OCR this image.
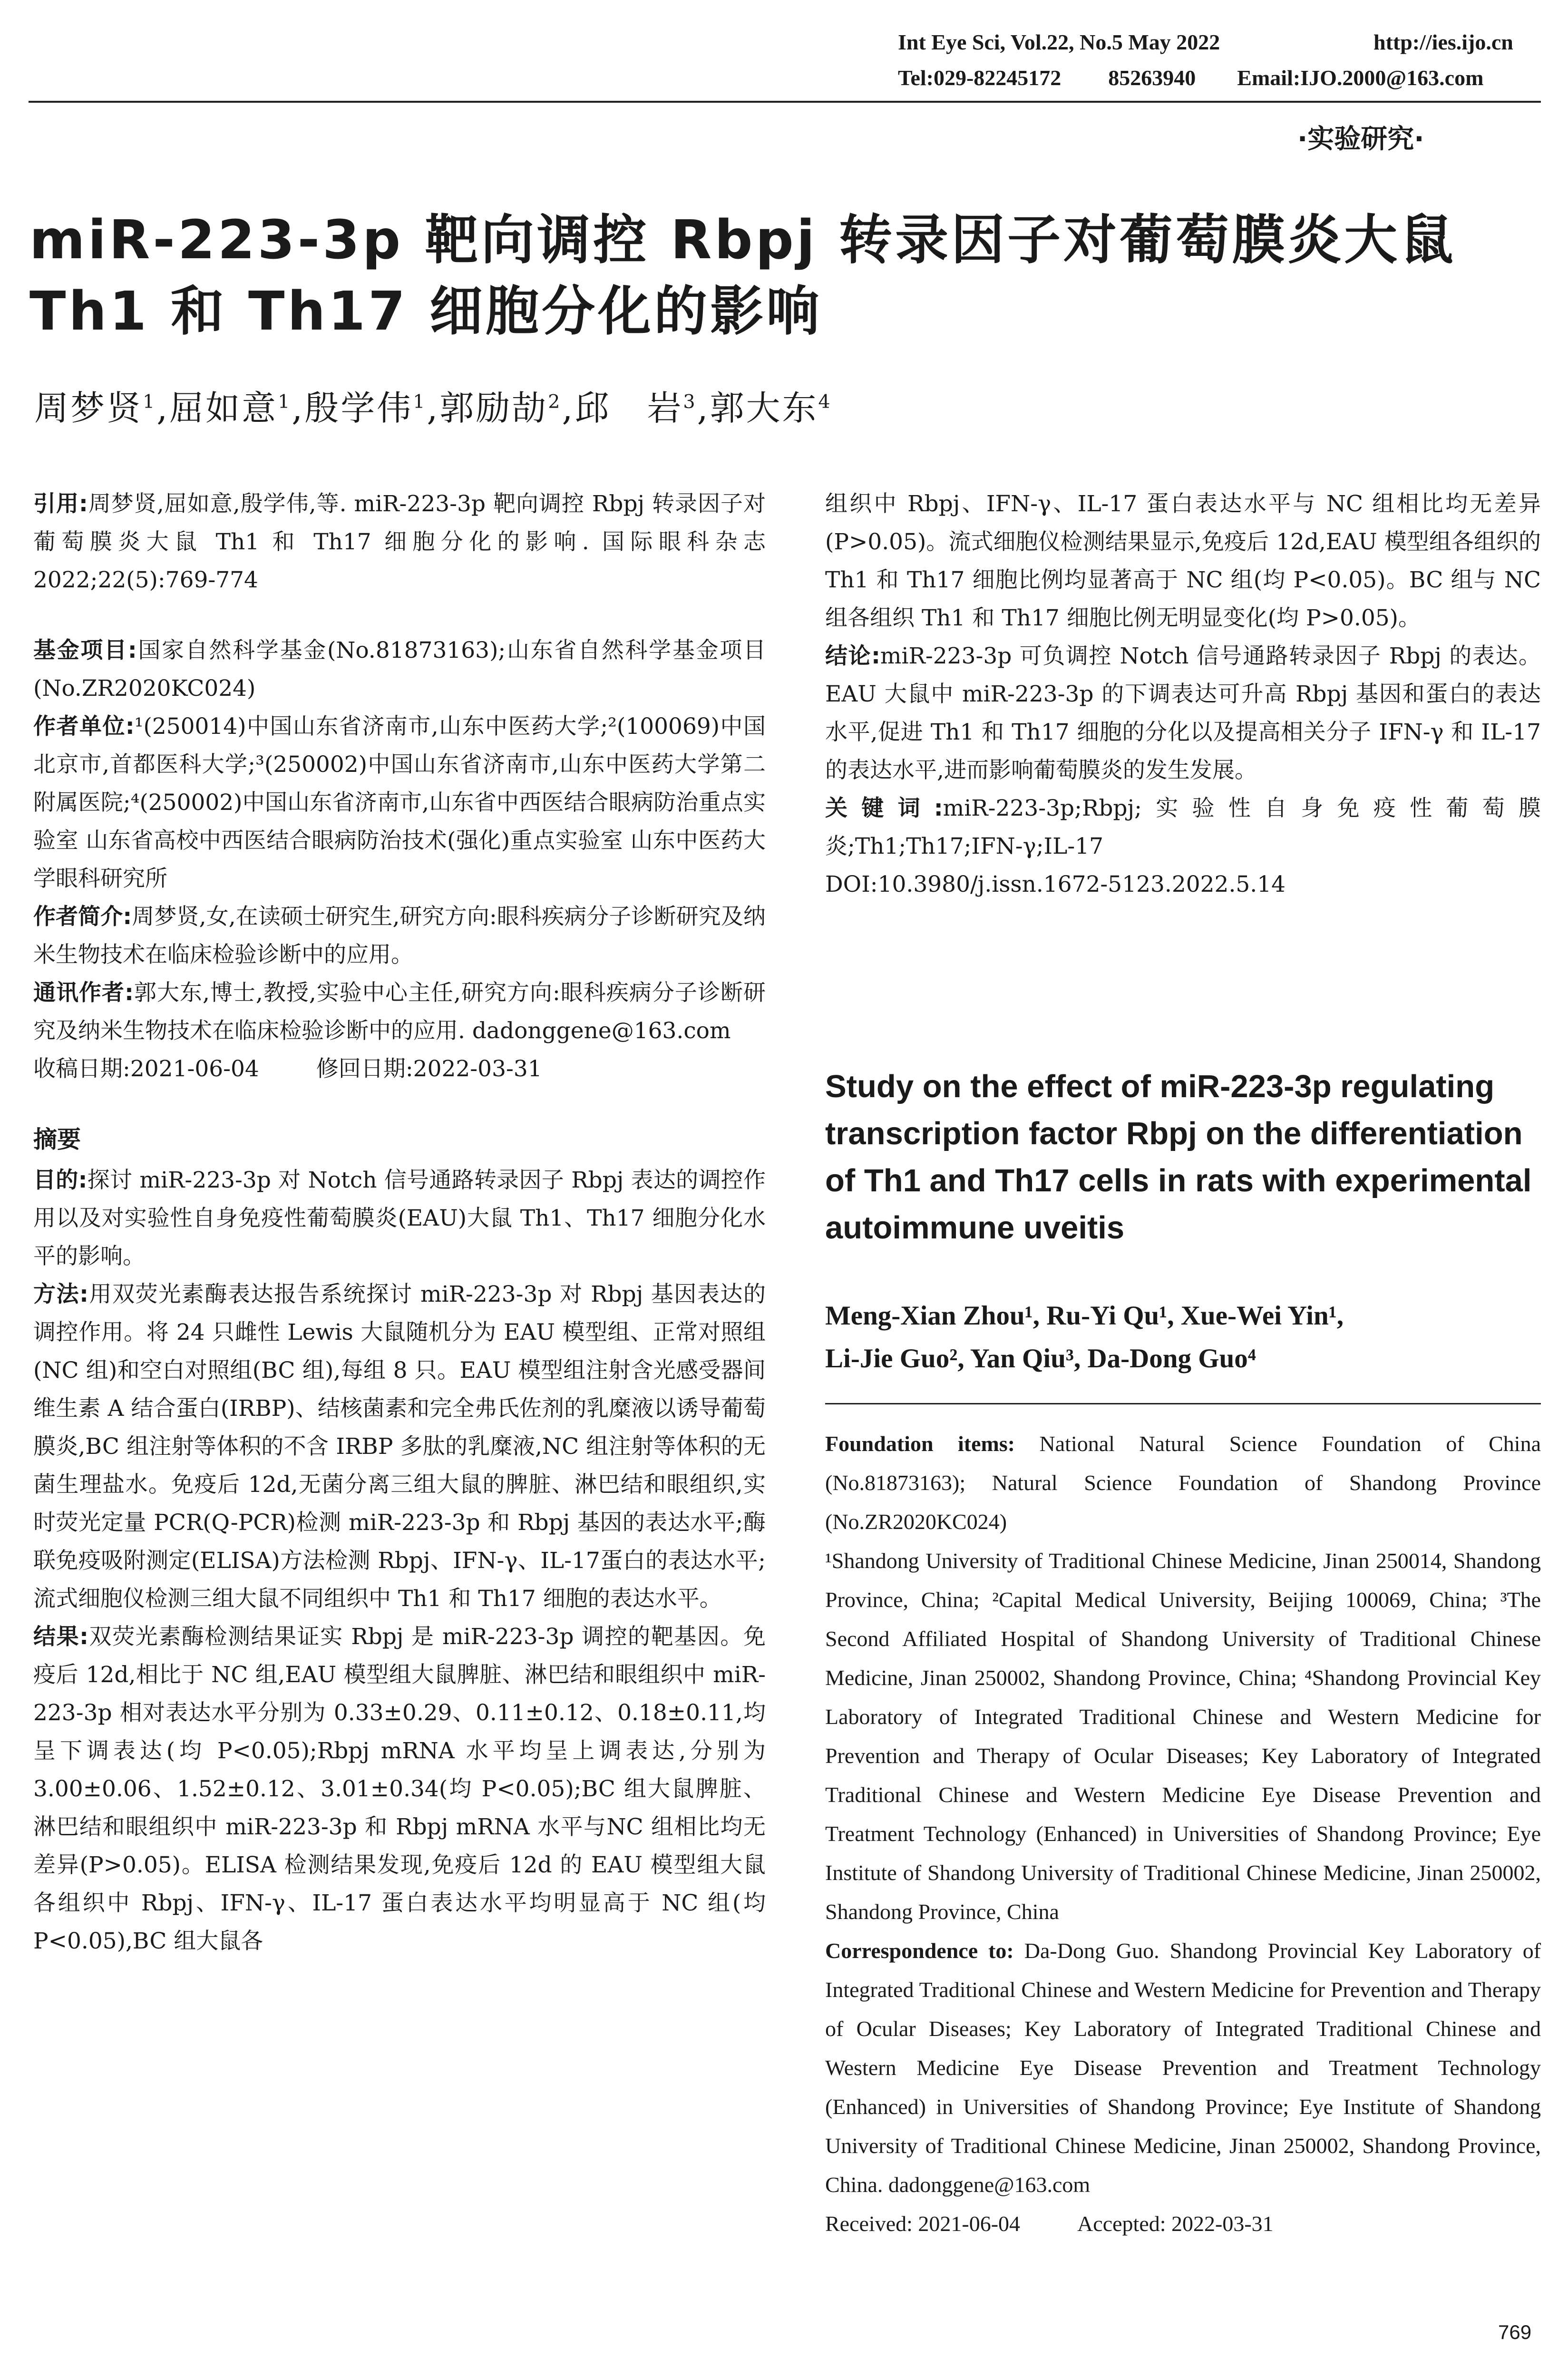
Int Eye Sci, Vol.22, No.5 May 2022	http://ies.ijo.cn
Tel:029-82245172 85263940 Email:IJO.2000@163.com
·实验研究·
miR-223-3p 靶向调控 Rbpj 转录因子对葡萄膜炎大鼠
Th1 和 Th17 细胞分化的影响
周梦贤$^1$,屈如意$^1$,殷学伟$^1$,郭励劼$^2$,邱　岩$^3$,郭大东$^4$

引用:周梦贤,屈如意,殷学伟,等. miR-223-3p 靶向调控 Rbpj 转录因子对葡萄膜炎大鼠 Th1 和 Th17 细胞分化的影响. 国际眼科杂志 2022;22(5):769-774

基金项目:国家自然科学基金(No.81873163);山东省自然科学基金项目(No.ZR2020KC024)

作者单位:¹(250014)中国山东省济南市,山东中医药大学;²(100069)中国北京市,首都医科大学;³(250002)中国山东省济南市,山东中医药大学第二附属医院;⁴(250002)中国山东省济南市,山东省中西医结合眼病防治重点实验室 山东省高校中西医结合眼病防治技术(强化)重点实验室 山东中医药大学眼科研究所

作者简介:周梦贤,女,在读硕士研究生,研究方向:眼科疾病分子诊断研究及纳米生物技术在临床检验诊断中的应用。

通讯作者:郭大东,博士,教授,实验中心主任,研究方向:眼科疾病分子诊断研究及纳米生物技术在临床检验诊断中的应用. dadonggene@163.com

收稿日期:2021-06-04	修回日期:2022-03-31

摘要

目的:探讨 miR-223-3p 对 Notch 信号通路转录因子 Rbpj 表达的调控作用以及对实验性自身免疫性葡萄膜炎(EAU)大鼠 Th1、Th17 细胞分化水平的影响。

方法:用双荧光素酶表达报告系统探讨 miR-223-3p 对 Rbpj 基因表达的调控作用。将 24 只雌性 Lewis 大鼠随机分为 EAU 模型组、正常对照组(NC 组)和空白对照组(BC 组),每组 8 只。EAU 模型组注射含光感受器间维生素 A 结合蛋白(IRBP)、结核菌素和完全弗氏佐剂的乳糜液以诱导葡萄膜炎,BC 组注射等体积的不含 IRBP 多肽的乳糜液,NC 组注射等体积的无菌生理盐水。免疫后 12d,无菌分离三组大鼠的脾脏、淋巴结和眼组织,实时荧光定量 PCR(Q-PCR)检测 miR-223-3p 和 Rbpj 基因的表达水平;酶联免疫吸附测定(ELISA)方法检测 Rbpj、IFN-γ、IL-17蛋白的表达水平;流式细胞仪检测三组大鼠不同组织中 Th1 和 Th17 细胞的表达水平。

结果:双荧光素酶检测结果证实 Rbpj 是 miR-223-3p 调控的靶基因。免疫后 12d,相比于 NC 组,EAU 模型组大鼠脾脏、淋巴结和眼组织中 miR-223-3p 相对表达水平分别为 0.33±0.29、0.11±0.12、0.18±0.11,均呈下调表达(均 P<0.05);Rbpj mRNA 水平均呈上调表达,分别为 3.00±0.06、1.52±0.12、3.01±0.34(均 P<0.05);BC 组大鼠脾脏、淋巴结和眼组织中 miR-223-3p 和 Rbpj mRNA 水平与NC 组相比均无差异(P>0.05)。ELISA 检测结果发现,免疫后 12d 的 EAU 模型组大鼠各组织中 Rbpj、IFN-γ、IL-17 蛋白表达水平均明显高于 NC 组(均 P<0.05),BC 组大鼠各

组织中 Rbpj、IFN-γ、IL-17 蛋白表达水平与 NC 组相比均无差异(P>0.05)。流式细胞仪检测结果显示,免疫后 12d,EAU 模型组各组织的 Th1 和 Th17 细胞比例均显著高于 NC 组(均 P<0.05)。BC 组与 NC 组各组织 Th1 和 Th17 细胞比例无明显变化(均 P>0.05)。

结论:miR-223-3p 可负调控 Notch 信号通路转录因子 Rbpj 的表达。EAU 大鼠中 miR-223-3p 的下调表达可升高 Rbpj 基因和蛋白的表达水平,促进 Th1 和 Th17 细胞的分化以及提高相关分子 IFN-γ 和 IL-17 的表达水平,进而影响葡萄膜炎的发生发展。

关键词:miR-223-3p;Rbpj;实验性自身免疫性葡萄膜炎;Th1;Th17;IFN-γ;IL-17

DOI:10.3980/j.issn.1672-5123.2022.5.14

Study on the effect of miR-223-3p regulating transcription factor Rbpj on the differentiation of Th1 and Th17 cells in rats with experimental autoimmune uveitis
Meng-Xian Zhou¹, Ru-Yi Qu¹, Xue-Wei Yin¹,
Li-Jie Guo², Yan Qiu³, Da-Dong Guo⁴

Foundation items: National Natural Science Foundation of China (No.81873163); Natural Science Foundation of Shandong Province (No.ZR2020KC024)

¹Shandong University of Traditional Chinese Medicine, Jinan 250014, Shandong Province, China; ²Capital Medical University, Beijing 100069, China; ³The Second Affiliated Hospital of Shandong University of Traditional Chinese Medicine, Jinan 250002, Shandong Province, China; ⁴Shandong Provincial Key Laboratory of Integrated Traditional Chinese and Western Medicine for Prevention and Therapy of Ocular Diseases; Key Laboratory of Integrated Traditional Chinese and Western Medicine Eye Disease Prevention and Treatment Technology (Enhanced) in Universities of Shandong Province; Eye Institute of Shandong University of Traditional Chinese Medicine, Jinan 250002, Shandong Province, China

Correspondence to: Da-Dong Guo. Shandong Provincial Key Laboratory of Integrated Traditional Chinese and Western Medicine for Prevention and Therapy of Ocular Diseases; Key Laboratory of Integrated Traditional Chinese and Western Medicine Eye Disease Prevention and Treatment Technology (Enhanced) in Universities of Shandong Province; Eye Institute of Shandong University of Traditional Chinese Medicine, Jinan 250002, Shandong Province, China. dadonggene@163.com

Received: 2021-06-04	Accepted: 2022-03-31

769
